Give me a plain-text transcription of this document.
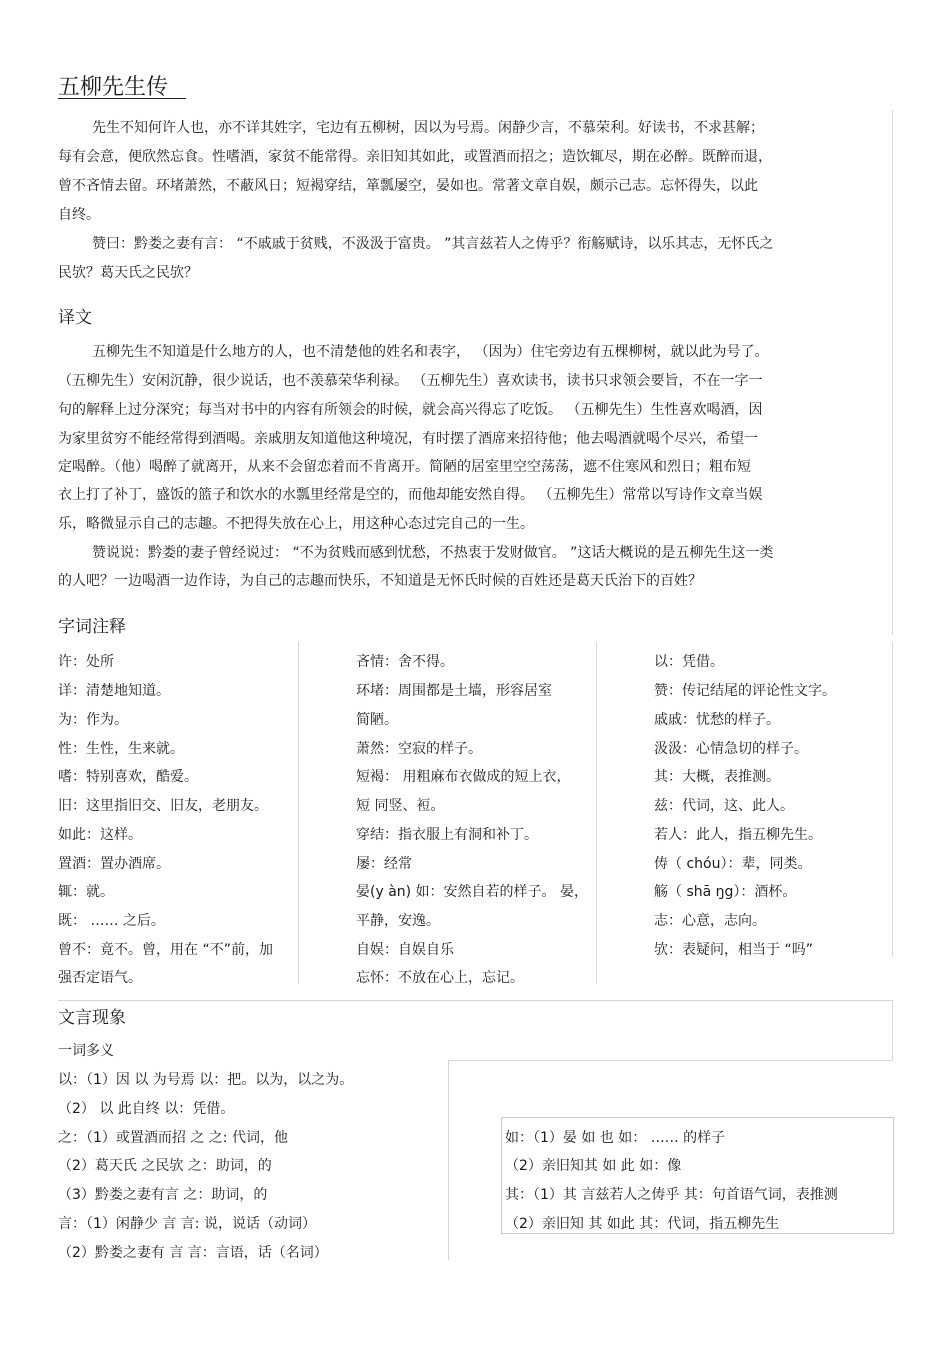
五柳先生传
先生不知何许人也，亦不详其姓字，宅边有五柳树，因以为号焉。闲静少言，不慕荣利。好读书，不求甚解；
每有会意，便欣然忘食。性嗜酒，家贫不能常得。亲旧知其如此，或置酒而招之；造饮辄尽，期在必醉。既醉而退，
曾不吝情去留。环堵萧然，不蔽风日；短褐穿结，箪瓢屡空，晏如也。常著文章自娱，颇示己志。忘怀得失，以此
自终。
赞曰：黔娄之妻有言： “不戚戚于贫贱，不汲汲于富贵。 ”其言兹若人之俦乎？衔觞赋诗，以乐其志，无怀氏之
民欤？葛天氏之民欤？
译文
五柳先生不知道是什么地方的人，也不清楚他的姓名和表字， （因为）住宅旁边有五棵柳树，就以此为号了。
（五柳先生）安闲沉静，很少说话，也不羡慕荣华利禄。 （五柳先生）喜欢读书，读书只求领会要旨，不在一字一
句的解释上过分深究；每当对书中的内容有所领会的时候，就会高兴得忘了吃饭。 （五柳先生）生性喜欢喝酒，因
为家里贫穷不能经常得到酒喝。亲戚朋友知道他这种境况，有时摆了酒席来招待他；他去喝酒就喝个尽兴，希望一
定喝醉。（他）喝醉了就离开，从来不会留恋着而不肯离开。简陋的居室里空空荡荡，遮不住寒风和烈日；粗布短
衣上打了补丁，盛饭的篮子和饮水的水瓢里经常是空的，而他却能安然自得。 （五柳先生）常常以写诗作文章当娱
乐，略微显示自己的志趣。不把得失放在心上，用这种心态过完自己的一生。
赞说说：黔娄的妻子曾经说过： “不为贫贱而感到忧愁，不热衷于发财做官。 ”这话大概说的是五柳先生这一类
的人吧？一边喝酒一边作诗，为自己的志趣而快乐，不知道是无怀氏时候的百姓还是葛天氏治下的百姓？
字词注释
许：处所
详：清楚地知道。
为：作为。
性：生性，生来就。
嗜：特别喜欢，酷爱。
旧：这里指旧交、旧友，老朋友。
如此：这样。
置酒：置办酒席。
辄：就。
既： …… 之后。
曾不：竟不。曾，用在 “不”前，加
强否定语气。
吝情：舍不得。
环堵：周围都是土墙，形容居室
简陋。
萧然：空寂的样子。
短褐： 用粗麻布衣做成的短上衣，
短 同竖、裋。
穿结：指衣服上有洞和补丁。
屡：经常
晏(y àn) 如：安然自若的样子。 晏，
平静，安逸。
自娱：自娱自乐
忘怀：不放在心上，忘记。
以：凭借。
赞：传记结尾的评论性文字。
戚戚：忧愁的样子。
汲汲：心情急切的样子。
其：大概，表推测。
兹：代词，这、此人。
若人：此人，指五柳先生。
俦（ chóu）：辈，同类。
觞（ shā ŋg）：酒杯。
志：心意，志向。
欤：表疑问，相当于 “吗”
文言现象
一词多义
以：（1）因 以 为号焉 以：把。以为，以之为。
（2） 以 此自终 以：凭借。
之：（1）或置酒而招 之 之: 代词，他
（2）葛天氏 之民欤 之：助词，的
（3）黔娄之妻有言 之：助词，的
言：（1）闲静少 言 言: 说，说话（动词）
（2）黔娄之妻有 言 言：言语，话（名词）
如：（1）晏 如 也 如： …… 的样子
（2）亲旧知其 如 此 如：像
其：（1）其 言兹若人之俦乎 其：句首语气词，表推测
（2）亲旧知 其 如此 其：代词，指五柳先生
